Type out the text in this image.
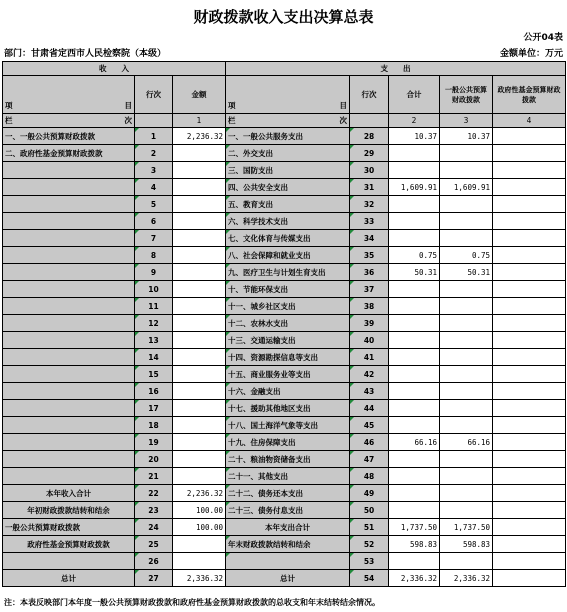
财政拨款收入支出决算总表
公开04表
部门：甘肃省定西市人民检察院（本级）	金额单位：万元
收　　入			支　　出				

项 目	行次	金额	项 目	行次	合计	一般公共预算财政拨款	政府性基金预算财政拨款

栏 次		1	栏 次		2	3	4
一、一般公共预算财政拨款	1	2,236.32	一、一般公共服务支出	28	10.37	10.37	
二、政府性基金预算财政拨款	2		二、外交支出	29			
	3		三、国防支出	30			
	4		四、公共安全支出	31	1,609.91	1,609.91	
	5		五、教育支出	32			
	6		六、科学技术支出	33			
	7		七、文化体育与传媒支出	34			
	8		八、社会保障和就业支出	35	0.75	0.75	
	9		九、医疗卫生与计划生育支出	36	50.31	50.31	
	10		十、节能环保支出	37			
	11		十一、城乡社区支出	38			
	12		十二、农林水支出	39			
	13		十三、交通运输支出	40			
	14		十四、资源勘探信息等支出	41			
	15		十五、商业服务业等支出	42			
	16		十六、金融支出	43			
	17		十七、援助其他地区支出	44			
	18		十八、国土海洋气象等支出	45			
	19		十九、住房保障支出	46	66.16	66.16	
	20		二十、粮油物资储备支出	47			
	21		二十一、其他支出	48			
本年收入合计	22	2,236.32	二十二、债务还本支出	49			
年初财政拨款结转和结余	23	100.00	二十三、债务付息支出	50			
一般公共预算财政拨款	24	100.00	本年支出合计	51	1,737.50	1,737.50	
政府性基金预算财政拨款	25		年末财政拨款结转和结余	52	598.83	598.83	
	26			53			
总计	27	2,336.32	总计	54	2,336.32	2,336.32	
注：本表反映部门本年度一般公共预算财政拨款和政府性基金预算财政拨款的总收支和年末结转结余情况。
